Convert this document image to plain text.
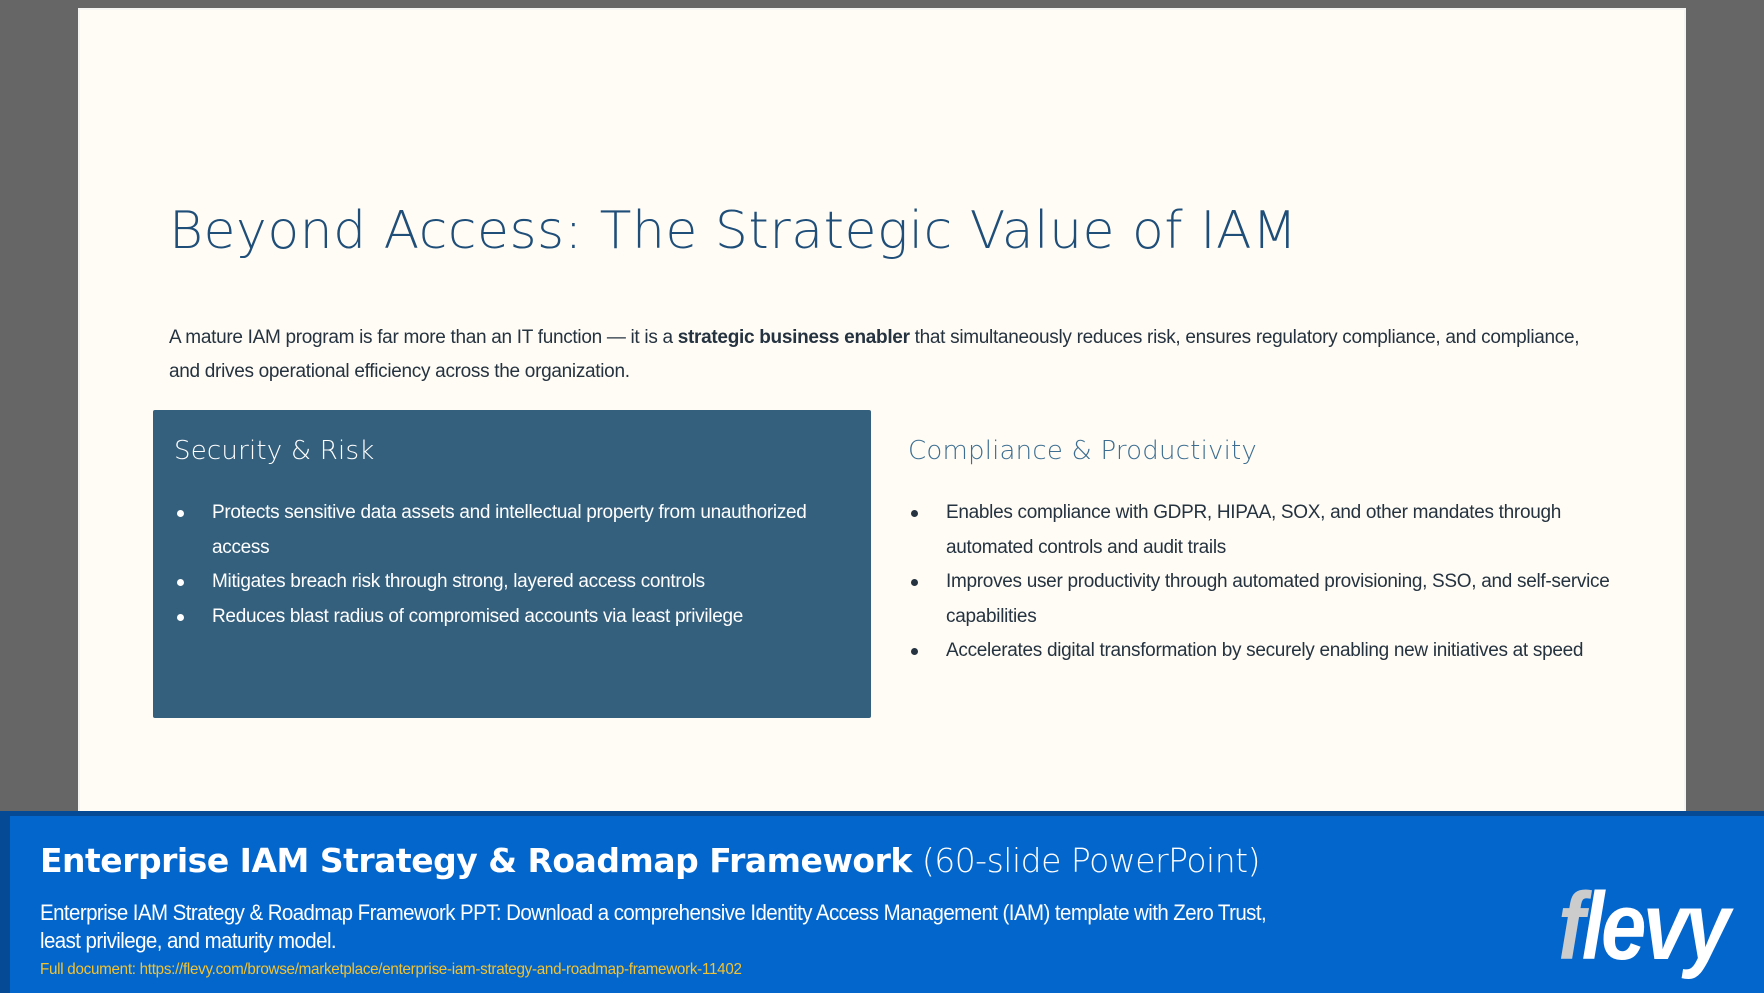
Beyond Access: The Strategic Value of IAM
A mature IAM program is far more than an IT function — it is a strategic business enabler that simultaneously reduces risk, ensures regulatory compliance, and compliance, and drives operational efficiency across the organization.
Security & Risk
Protects sensitive data assets and intellectual property from unauthorized access
Mitigates breach risk through strong, layered access controls
Reduces blast radius of compromised accounts via least privilege
Compliance & Productivity
Enables compliance with GDPR, HIPAA, SOX, and other mandates through automated controls and audit trails
Improves user productivity through automated provisioning, SSO, and self-service capabilities
Accelerates digital transformation by securely enabling new initiatives at speed
Enterprise IAM Strategy & Roadmap Framework (60-slide PowerPoint)
Enterprise IAM Strategy & Roadmap Framework PPT: Download a comprehensive Identity Access Management (IAM) template with Zero Trust, least privilege, and maturity model.
Full document: https://flevy.com/browse/marketplace/enterprise-iam-strategy-and-roadmap-framework-11402	flevy
